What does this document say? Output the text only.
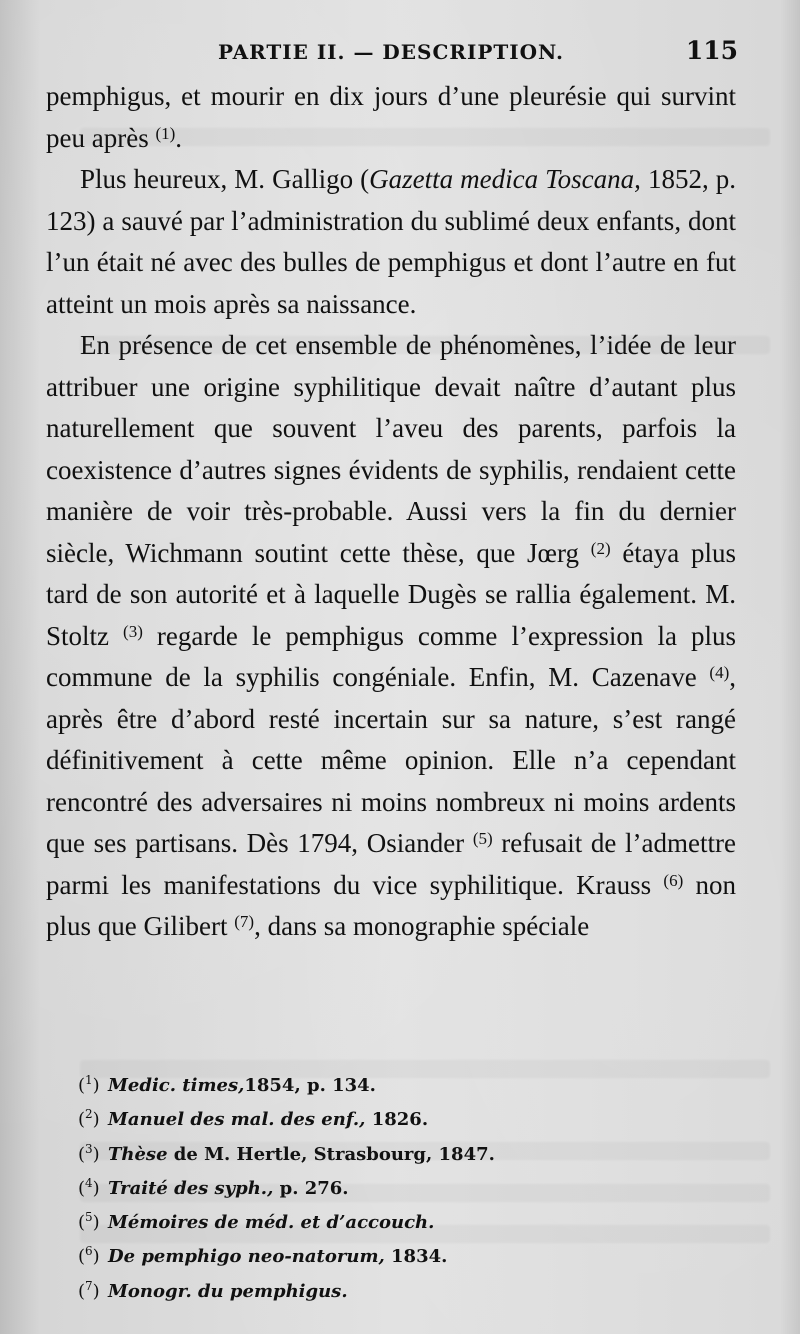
PARTIE II. — DESCRIPTION.	115

pemphigus, et mourir en dix jours d’une pleurésie qui survint peu après $^{(1)}$.

Plus heureux, M. Galligo (Gazetta medica Toscana, 1852, p. 123) a sauvé par l’administration du sublimé deux enfants, dont l’un était né avec des bulles de pemphigus et dont l’autre en fut atteint un mois après sa naissance.

En présence de cet ensemble de phénomènes, l’idée de leur attribuer une origine syphilitique devait naître d’autant plus naturellement que souvent l’aveu des parents, parfois la coexistence d’autres signes évidents de syphilis, rendaient cette manière de voir très-probable. Aussi vers la fin du dernier siècle, Wichmann soutint cette thèse, que Jœrg $^{(2)}$ étaya plus tard de son autorité et à laquelle Dugès se rallia également. M. Stoltz $^{(3)}$ regarde le pemphigus comme l’expression la plus commune de la syphilis congéniale. Enfin, M. Cazenave $^{(4)}$, après être d’abord resté incertain sur sa nature, s’est rangé définitivement à cette même opinion. Elle n’a cependant rencontré des adversaires ni moins nombreux ni moins ardents que ses partisans. Dès 1794, Osiander $^{(5)}$ refusait de l’admettre parmi les manifestations du vice syphilitique. Krauss $^{(6)}$ non plus que Gilibert $^{(7)}$, dans sa monographie spéciale

($^1$) Medic. times,1854, p. 134.
($^2$) Manuel des mal. des enf., 1826.
($^3$) Thèse de M. Hertle, Strasbourg, 1847.
($^4$) Traité des syph., p. 276.
($^5$) Mémoires de méd. et d’accouch.
($^6$) De pemphigo neo-natorum, 1834.
($^7$) Monogr. du pemphigus.
